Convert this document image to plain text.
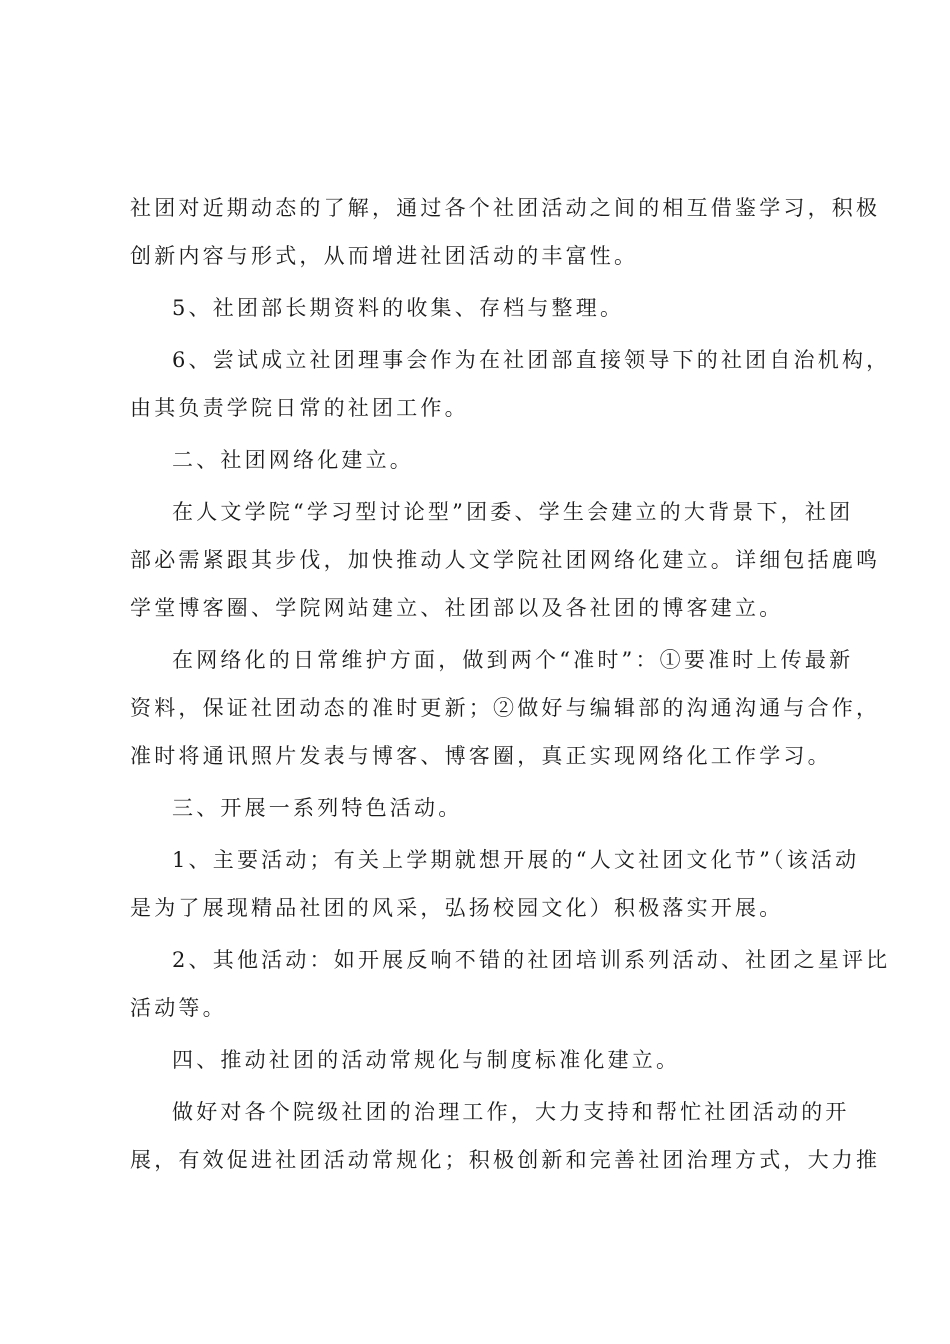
社团对近期动态的了解，通过各个社团活动之间的相互借鉴学习，积极
创新内容与形式，从而增进社团活动的丰富性。
5、社团部长期资料的收集、存档与整理。
6、尝试成立社团理事会作为在社团部直接领导下的社团自治机构，
由其负责学院日常的社团工作。
二、社团网络化建立。
在人文学院“学习型讨论型”团委、学生会建立的大背景下，社团
部必需紧跟其步伐，加快推动人文学院社团网络化建立。详细包括鹿鸣
学堂博客圈、学院网站建立、社团部以及各社团的博客建立。
在网络化的日常维护方面，做到两个“准时”：①要准时上传最新
资料，保证社团动态的准时更新；②做好与编辑部的沟通沟通与合作，
准时将通讯照片发表与博客、博客圈，真正实现网络化工作学习。
三、开展一系列特色活动。
1、主要活动；有关上学期就想开展的“人文社团文化节”（该活动
是为了展现精品社团的风采，弘扬校园文化）积极落实开展。
2、其他活动：如开展反响不错的社团培训系列活动、社团之星评比
活动等。
四、推动社团的活动常规化与制度标准化建立。
做好对各个院级社团的治理工作，大力支持和帮忙社团活动的开
展，有效促进社团活动常规化；积极创新和完善社团治理方式，大力推
